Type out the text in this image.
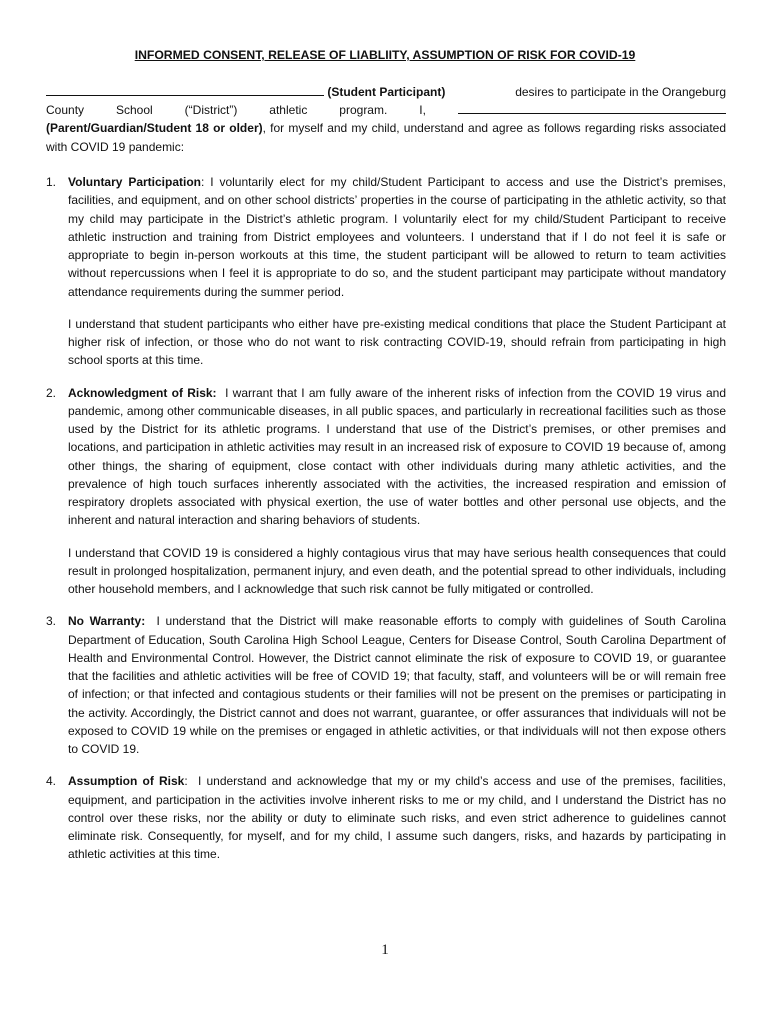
INFORMED CONSENT, RELEASE OF LIABLIITY, ASSUMPTION OF RISK FOR COVID-19
(Student Participant)	desires to participate in the Orangeburg
County	School	(“District”)	athletic	program.	I,
(Parent/Guardian/Student 18 or older), for myself and my child, understand and agree as follows regarding risks associated with COVID 19 pandemic:
1. Voluntary Participation: I voluntarily elect for my child/Student Participant to access and use the District’s premises, facilities, and equipment, and on other school districts’ properties in the course of participating in the athletic activity, so that my child may participate in the District’s athletic program. I voluntarily elect for my child/Student Participant to receive athletic instruction and training from District employees and volunteers. I understand that if I do not feel it is safe or appropriate to begin in-person workouts at this time, the student participant will be allowed to return to team activities without repercussions when I feel it is appropriate to do so, and the student participant may participate without mandatory attendance requirements during the summer period.

I understand that student participants who either have pre-existing medical conditions that place the Student Participant at higher risk of infection, or those who do not want to risk contracting COVID-19, should refrain from participating in high school sports at this time.

2. Acknowledgment of Risk: I warrant that I am fully aware of the inherent risks of infection from the COVID 19 virus and pandemic, among other communicable diseases, in all public spaces, and particularly in recreational facilities such as those used by the District for its athletic programs. I understand that use of the District’s premises, or other premises and locations, and participation in athletic activities may result in an increased risk of exposure to COVID 19 because of, among other things, the sharing of equipment, close contact with other individuals during many athletic activities, and the prevalence of high touch surfaces inherently associated with the activities, the increased respiration and emission of respiratory droplets associated with physical exertion, the use of water bottles and other personal use objects, and the inherent and natural interaction and sharing behaviors of students.

I understand that COVID 19 is considered a highly contagious virus that may have serious health consequences that could result in prolonged hospitalization, permanent injury, and even death, and the potential spread to other individuals, including other household members, and I acknowledge that such risk cannot be fully mitigated or controlled.

3. No Warranty: I understand that the District will make reasonable efforts to comply with guidelines of South Carolina Department of Education, South Carolina High School League, Centers for Disease Control, South Carolina Department of Health and Environmental Control. However, the District cannot eliminate the risk of exposure to COVID 19, or guarantee that the facilities and athletic activities will be free of COVID 19; that faculty, staff, and volunteers will be or will remain free of infection; or that infected and contagious students or their families will not be present on the premises or participating in the activity. Accordingly, the District cannot and does not warrant, guarantee, or offer assurances that individuals will not be exposed to COVID 19 while on the premises or engaged in athletic activities, or that individuals will not then expose others to COVID 19.

4. Assumption of Risk: I understand and acknowledge that my or my child’s access and use of the premises, facilities, equipment, and participation in the activities involve inherent risks to me or my child, and I understand the District has no control over these risks, nor the ability or duty to eliminate such risks, and even strict adherence to guidelines cannot eliminate risk. Consequently, for myself, and for my child, I assume such dangers, risks, and hazards by participating in athletic activities at this time.

1
